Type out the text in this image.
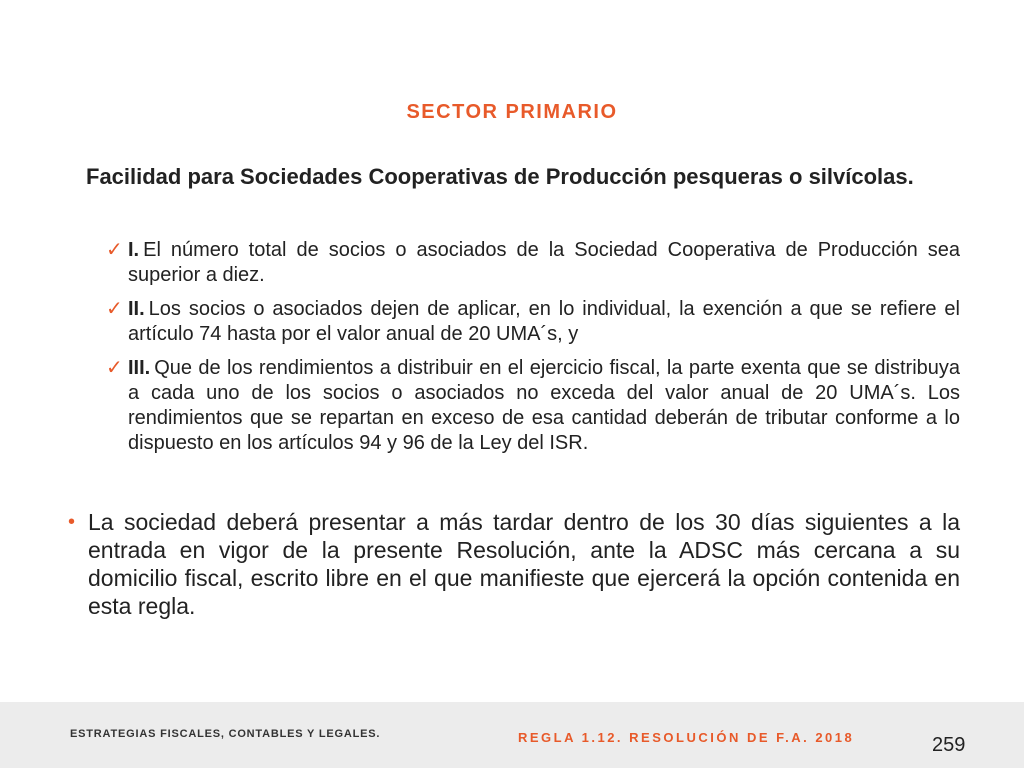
SECTOR PRIMARIO
Facilidad para Sociedades Cooperativas de Producción pesqueras o silvícolas.
✓ I. El número total de socios o asociados de la Sociedad Cooperativa de Producción sea superior a diez.
✓ II. Los socios o asociados dejen de aplicar, en lo individual, la exención a que se refiere el artículo 74 hasta por el valor anual de 20 UMA´s, y
✓ III. Que de los rendimientos a distribuir en el ejercicio fiscal, la parte exenta que se distribuya a cada uno de los socios o asociados no exceda del valor anual de 20 UMA´s. Los rendimientos que se repartan en exceso de esa cantidad deberán de tributar conforme a lo dispuesto en los artículos 94 y 96 de la Ley del ISR.
• La sociedad deberá presentar a más tardar dentro de los 30 días siguientes a la entrada en vigor de la presente Resolución, ante la ADSC más cercana a su domicilio fiscal, escrito libre en el que manifieste que ejercerá la opción contenida en esta regla.
ESTRATEGIAS FISCALES, CONTABLES Y LEGALES.	REGLA 1.12. RESOLUCIÓN DE F.A. 2018	259
